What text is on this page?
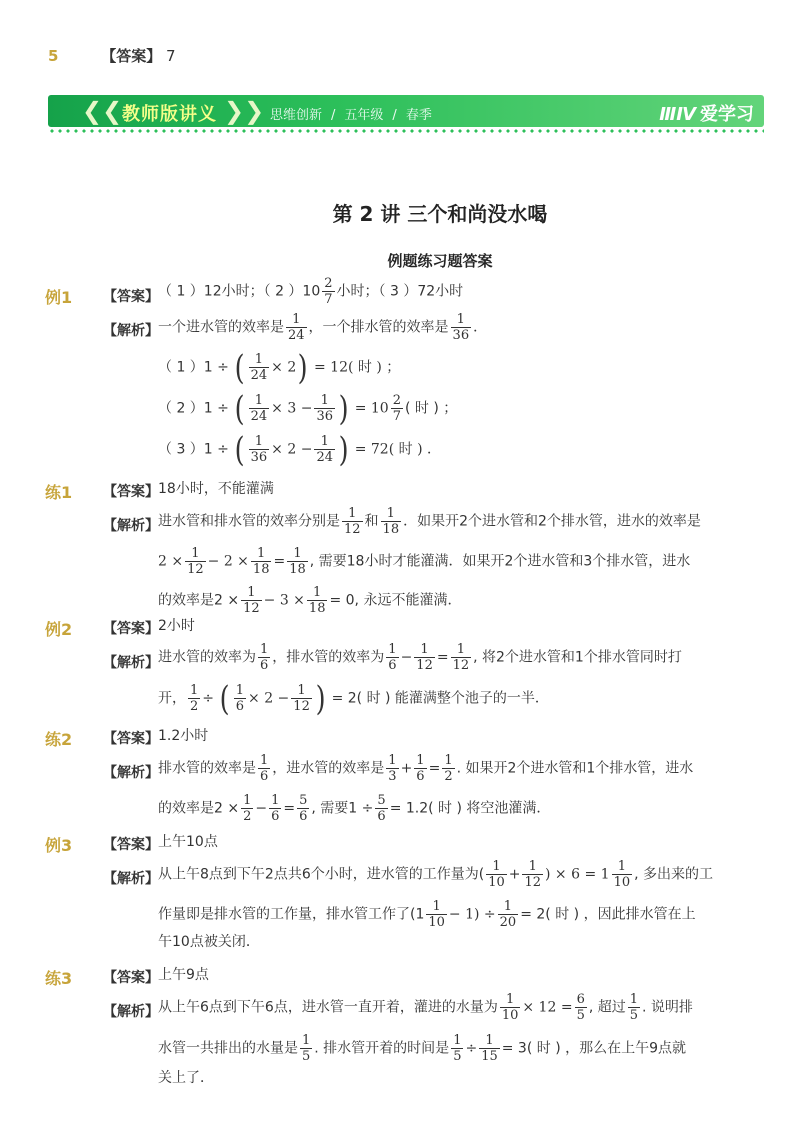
5	【答案】 7
❮❮ 教师版讲义 ❯❯ 思维创新 / 五年级 / 春季	ⅢⅣ 爱学习
第 2 讲 三个和尚没水喝
例题练习题答案
例1 【答案】 （ 1 ）12小时；（ 2 ）$10 \frac{2}{7}$ 小时；（ 3 ）72小时
【解析】 一个进水管的效率是 $\frac{1}{24}$ ，一个排水管的效率是 $\frac{1}{36}$ ．
（ 1 ）1 ÷ ( $\frac{1}{24} \times 2) = 12$( 时 ) ；
（ 2 ）1 ÷ ( $\frac{1}{24} \times 3 - \frac{1}{36}$ ) = $10 \frac{2}{7}$ ( 时 ) ；
（ 3 ）1 ÷ ( $\frac{1}{36} \times 2 - \frac{1}{24}$ ) = 72( 时 ) ．
练1 【答案】 18小时，不能灌满
【解析】 进水管和排水管的效率分别是 $\frac{1}{12}$ 和 $\frac{1}{18}$ ．如果开2个进水管和2个排水管，进水的效率是
$2 \times \frac{1}{12} - 2 \times \frac{1}{18} = \frac{1}{18}$ , 需要18小时才能灌满．如果开2个进水管和3个排水管，进水
的效率是$2 \times \frac{1}{12} - 3 \times \frac{1}{18} = 0$, 永远不能灌满．
例2 【答案】 2小时
【解析】 进水管的效率为 $\frac{1}{6}$ ，排水管的效率为 $\frac{1}{6} - \frac{1}{12} = \frac{1}{12}$ , 将2个进水管和1个排水管同时打
开， $\frac{1}{2}$ ÷ ( $\frac{1}{6} \times 2 - \frac{1}{12}$ ) = 2( 时 ) 能灌满整个池子的一半．
练2 【答案】 1.2小时
【解析】 排水管的效率是 $\frac{1}{6}$ ，进水管的效率是 $\frac{1}{3} + \frac{1}{6} = \frac{1}{2}$ . 如果开2个进水管和1个排水管，进水
的效率是$2 \times \frac{1}{2} - \frac{1}{6} = \frac{5}{6}$ , 需要$1 \div \frac{5}{6} = 1.2$( 时 ) 将空池灌满．
例3 【答案】 上午10点
【解析】 从上午8点到下午2点共6个小时，进水管的工作量为( $\frac{1}{10} + \frac{1}{12}$ ) × $6 = 1 \frac{1}{10}$ , 多出来的工
作量即是排水管的工作量，排水管工作了$(1 \frac{1}{10} - 1) \div \frac{1}{20} = 2$( 时 ) ，因此排水管在上
午10点被关闭．
练3 【答案】 上午9点
【解析】 从上午6点到下午6点，进水管一直开着，灌进的水量为 $\frac{1}{10} \times 12 = \frac{6}{5}$ , 超过 $\frac{1}{5}$ . 说明排
水管一共排出的水量是 $\frac{1}{5}$ . 排水管开着的时间是 $\frac{1}{5} \div \frac{1}{15} = 3$( 时 ) ，那么在上午9点就
关上了．
